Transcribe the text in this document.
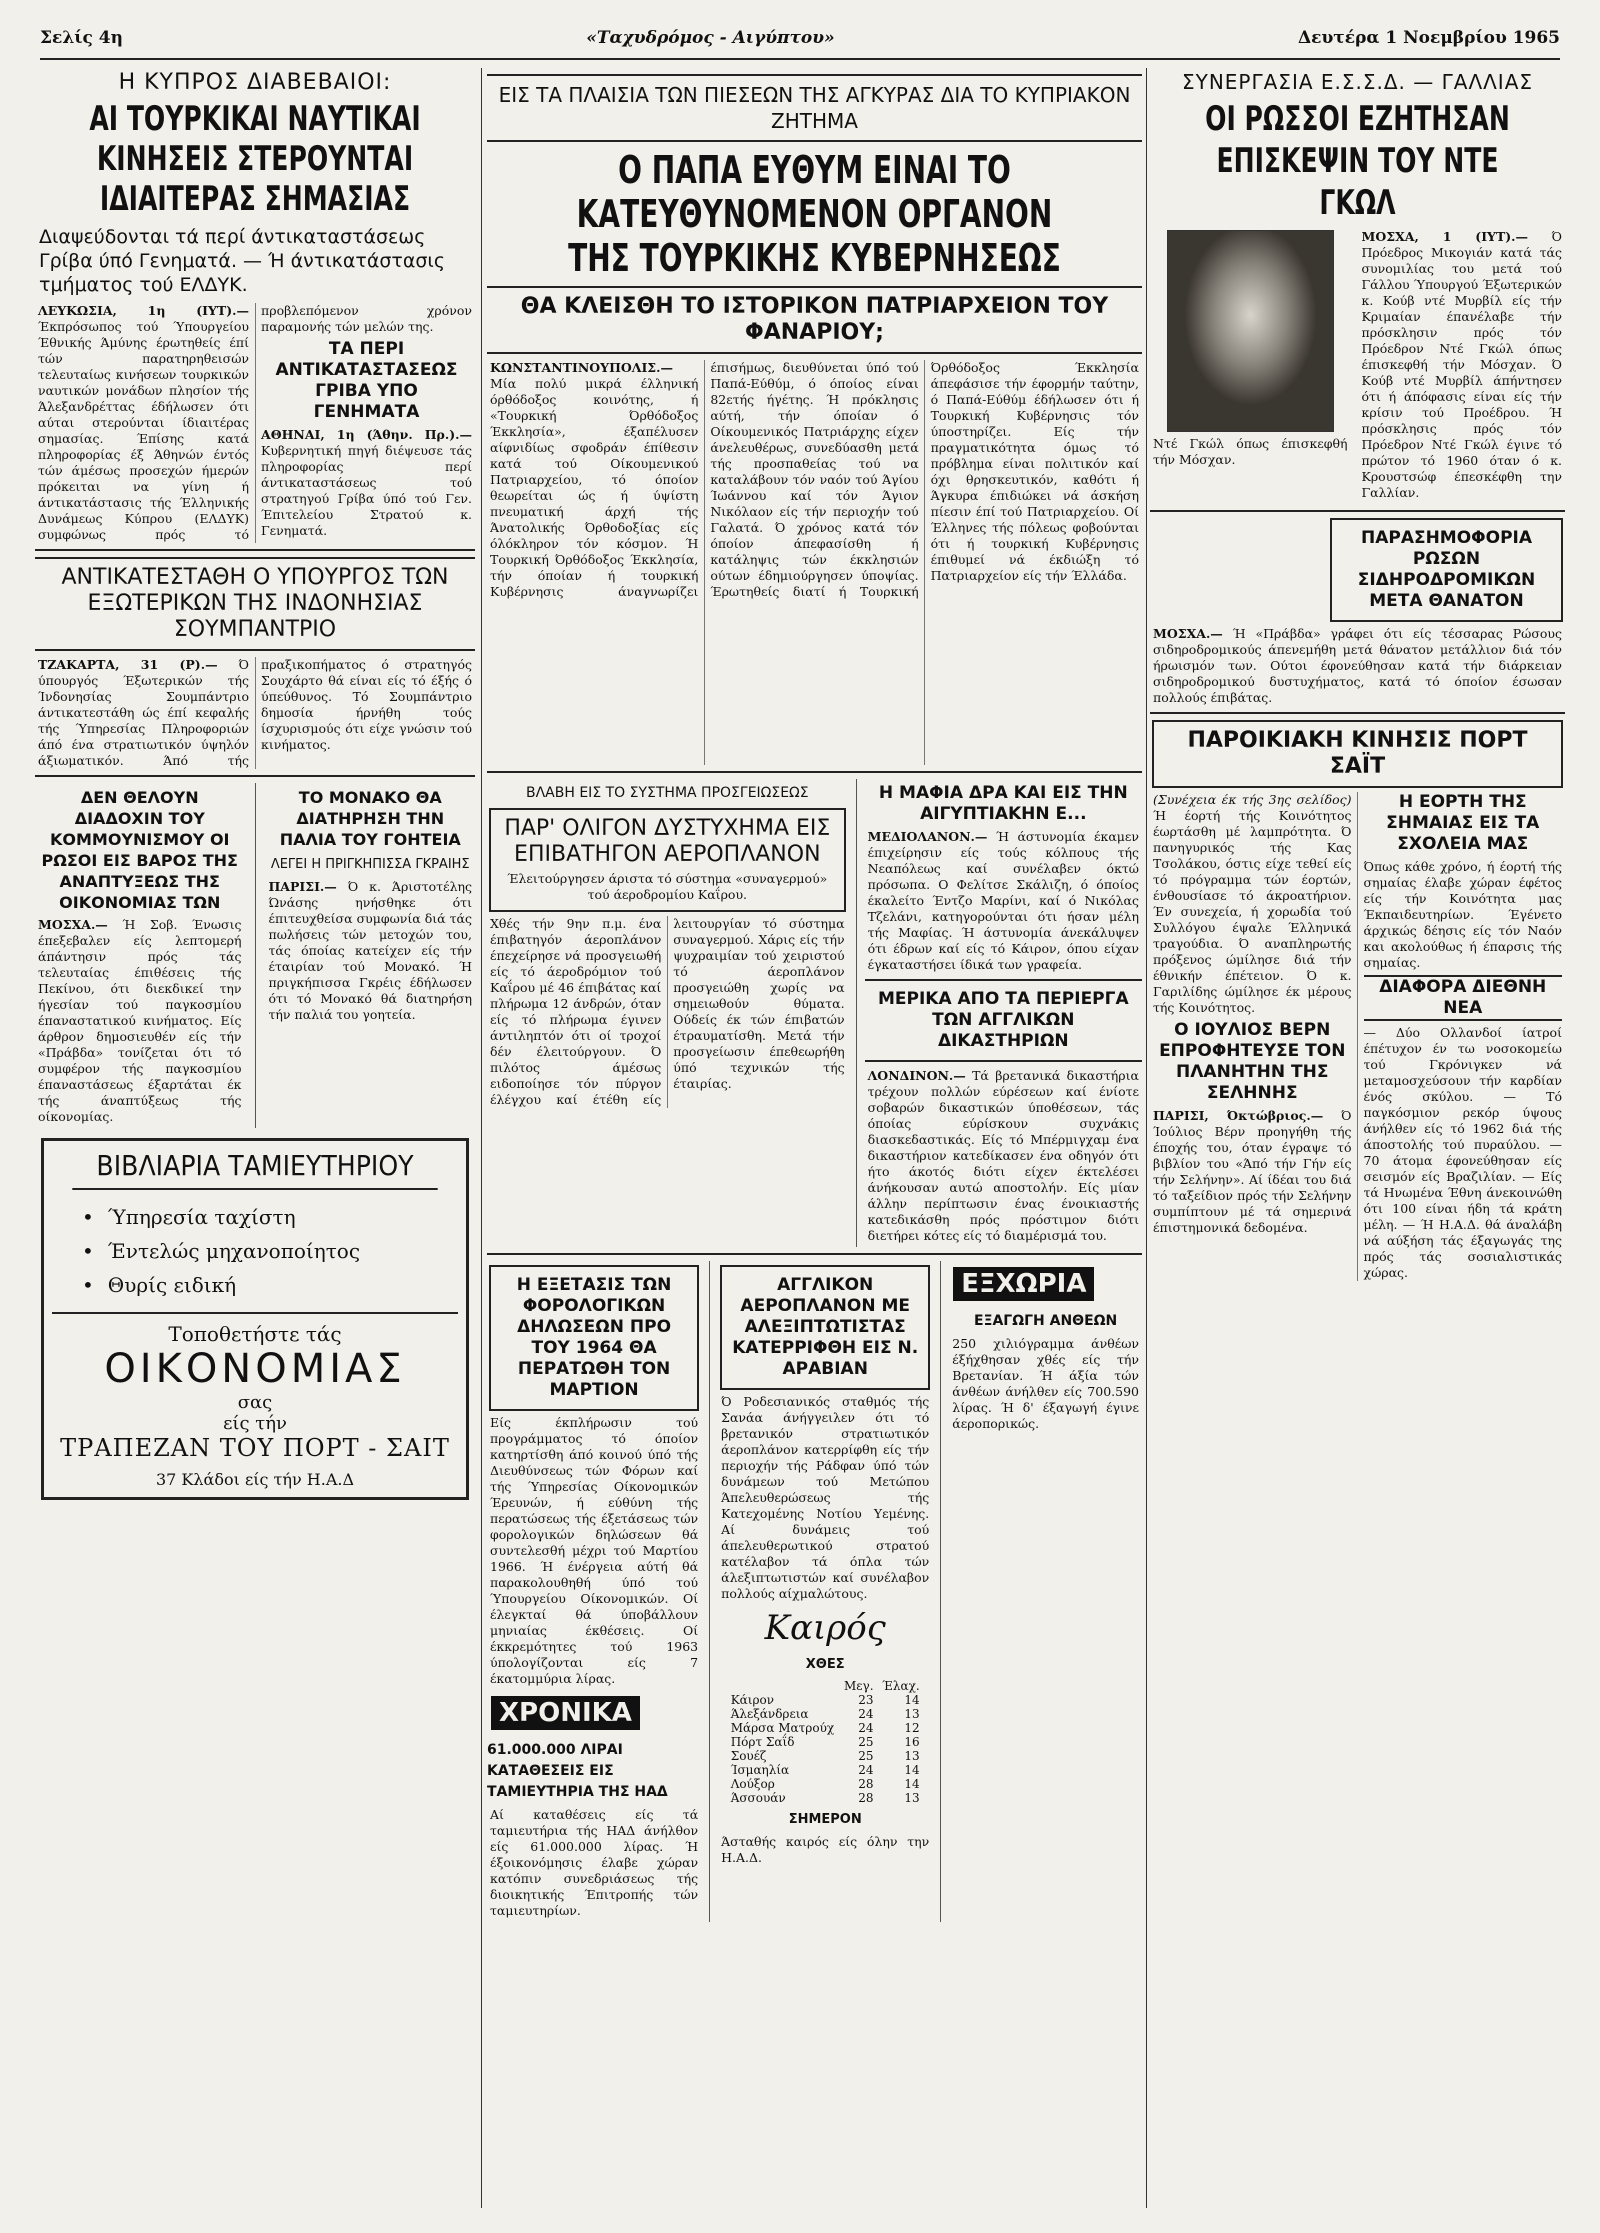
Σελίς 4η	«Ταχυδρόμος - Αιγύπτου»	Δευτέρα 1 Νοεμβρίου 1965
Η ΚΥΠΡΟΣ ΔΙΑΒΕΒΑΙΟΙ:
ΑΙ ΤΟΥΡΚΙΚΑΙ ΝΑΥΤΙΚΑΙ ΚΙΝΗΣΕΙΣ ΣΤΕΡΟΥΝΤΑΙ ΙΔΙΑΙΤΕΡΑΣ ΣΗΜΑΣΙΑΣ
Διαψεύδονται τά περί άντικαταστάσεως Γρίβα ύπό Γενηματά. — Ή άντικατάστασις τμήματος τού ΕΛΔΥΚ.
ΛΕΥΚΩΣΙΑ, 1η (ΙΥΤ).— Έκπρόσωπος τού Ύπουργείου Έθνικής Άμύνης έρωτηθείς έπί τών παρατηρηθεισών τελευταίως κινήσεων τουρκικών ναυτικών μονάδων πλησίον τής Άλεξανδρέττας έδήλωσεν ότι αύται στερούνται ίδιαιτέρας σημασίας. Έπίσης κατά πληροφορίας έξ Άθηνών έντός τών άμέσως προσεχών ήμερών πρόκειται να γίνη ή άντικατάστασις τής Έλληνικής Δυνάμεως Κύπρου (ΕΛΔΥΚ) συμφώνως πρός τό προβλεπόμενον χρόνον παραμονής τών μελών της.
ΤΑ ΠΕΡΙ ΑΝΤΙΚΑΤΑΣΤΑΣΕΩΣ ΓΡΙΒΑ ΥΠΟ ΓΕΝΗΜΑΤΑ
ΑΘΗΝΑΙ, 1η (Άθην. Πρ.).— Κυβερνητική πηγή διέψευσε τάς πληροφορίας περί άντικαταστάσεως τού στρατηγού Γρίβα ύπό τού Γεν. Έπιτελείου Στρατού κ. Γενηματά.
ΑΝΤΙΚΑΤΕΣΤΑΘΗ Ο ΥΠΟΥΡΓΟΣ ΤΩΝ ΕΞΩΤΕΡΙΚΩΝ ΤΗΣ ΙΝΔΟΝΗΣΙΑΣ ΣΟΥΜΠΑΝΤΡΙΟ
ΤΖΑΚΑΡΤΑ, 31 (Ρ).— Ό ύπουργός Έξωτερικών τής Ίνδονησίας Σουμπάντριο άντικατεστάθη ώς έπί κεφαλής τής Ύπηρεσίας Πληροφοριών άπό ένα στρατιωτικόν ύψηλόν άξιωματικόν. Άπό τής πραξικοπήματος ό στρατηγός Σουχάρτο θά είναι είς τό έξής ό ύπεύθυνος. Τό Σουμπάντριο δημοσία ήρνήθη τούς ίσχυρισμούς ότι είχε γνώσιν τού κινήματος.
ΔΕΝ ΘΕΛΟΥΝ ΔΙΑΔΟΧΙΝ ΤΟΥ ΚΟΜΜΟΥΝΙΣΜΟΥ ΟΙ ΡΩΣΟΙ ΕΙΣ ΒΑΡΟΣ ΤΗΣ ΑΝΑΠΤΥΞΕΩΣ ΤΗΣ ΟΙΚΟΝΟΜΙΑΣ ΤΩΝ
ΜΟΣΧΑ.— Ή Σοβ. Ένωσις έπεξεβαλεν είς λεπτομερή άπάντησιν πρός τάς τελευταίας έπιθέσεις τής Πεκίνου, ότι διεκδικεί την ήγεσίαν τού παγκοσμίου έπαναστατικού κινήματος. Είς άρθρον δημοσιευθέν είς τήν «Πράβδα» τονίζεται ότι τό συμφέρον τής παγκοσμίου έπαναστάσεως έξαρτάται έκ τής άναπτύξεως τής οίκονομίας.
ΤΟ ΜΟΝΑΚΟ ΘΑ ΔΙΑΤΗΡΗΣΗ ΤΗΝ ΠΑΛΙΑ ΤΟΥ ΓΟΗΤΕΙΑ
ΛΕΓΕΙ Η ΠΡΙΓΚΗΠΙΣΣΑ ΓΚΡΑΙΗΣ
ΠΑΡΙΣΙ.— Ό κ. Άριστοτέλης Ώνάσης ηνήσθηκε ότι έπιτευχθείσα συμφωνία διά τάς πωλήσεις τών μετοχών του, τάς όποίας κατείχεν είς τήν έταιρίαν τού Μονακό. Ή πριγκήπισσα Γκρέις έδήλωσεν ότι τό Μονακό θά διατηρήση τήν παλιά του γοητεία.
ΒΙΒΛΙΑΡΙΑ ΤΑΜΙΕΥΤΗΡΙΟΥ
• Ύπηρεσία ταχίστη
• Έντελώς μηχανοποίητος
• Θυρίς ειδική
Τοποθετήστε τάς
ΟΙΚΟΝΟΜΙΑΣ
σας
είς τήν
ΤΡΑΠΕΖΑΝ ΤΟΥ ΠΟΡΤ - ΣΑΙΤ
37 Κλάδοι είς τήν Η.Α.Δ
ΕΙΣ ΤΑ ΠΛΑΙΣΙΑ ΤΩΝ ΠΙΕΣΕΩΝ ΤΗΣ ΑΓΚΥΡΑΣ ΔΙΑ ΤΟ ΚΥΠΡΙΑΚΟΝ ΖΗΤΗΜΑ
Ο ΠΑΠΑ ΕΥΘΥΜ ΕΙΝΑΙ ΤΟ ΚΑΤΕΥΘΥΝΟΜΕΝΟΝ ΟΡΓΑΝΟΝ ΤΗΣ ΤΟΥΡΚΙΚΗΣ ΚΥΒΕΡΝΗΣΕΩΣ
ΘΑ ΚΛΕΙΣΘΗ ΤΟ ΙΣΤΟΡΙΚΟΝ ΠΑΤΡΙΑΡΧΕΙΟΝ ΤΟΥ ΦΑΝΑΡΙΟΥ;
ΚΩΝΣΤΑΝΤΙΝΟΥΠΟΛΙΣ.— Μία πολύ μικρά έλληνική όρθόδοξος κοινότης, ή «Τουρκική Όρθόδοξος Έκκλησία», έξαπέλυσεν αίφνιδίως σφοδράν έπίθεσιν κατά τού Οίκουμενικού Πατριαρχείου, τό όποίον θεωρείται ώς ή ύψίστη πνευματική άρχή τής Άνατολικής Όρθοδοξίας είς όλόκληρον τόν κόσμον. Ή Τουρκική Όρθόδοξος Έκκλησία, τήν όποίαν ή τουρκική Κυβέρνησις άναγνωρίζει έπισήμως, διευθύνεται ύπό τού Παπά-Εύθύμ, ό όποίος είναι 82ετής ήγέτης. Ή πρόκλησις αύτή, τήν όποίαν ό Οίκουμενικός Πατριάρχης είχεν άνελευθέρως, συνεδύασθη μετά τής προσπαθείας τού να καταλάβουν τόν ναόν τού Άγίου Ίωάννου καί τόν Άγιον Νικόλαον είς τήν περιοχήν τού Γαλατά. Ό χρόνος κατά τόν όποίον άπεφασίσθη ή κατάληψις τών έκκλησιών ούτων έδημιούργησεν ύποψίας. Έρωτηθείς διατί ή Τουρκική Όρθόδοξος Έκκλησία άπεφάσισε τήν έφορμήν ταύτην, ό Παπά-Εύθύμ έδήλωσεν ότι ή Τουρκική Κυβέρνησις τόν ύποστηρίζει. Είς τήν πραγματικότητα όμως τό πρόβλημα είναι πολιτικόν καί όχι θρησκευτικόν, καθότι ή Άγκυρα έπιδιώκει νά άσκήση πίεσιν έπί τού Πατριαρχείου. Οί Έλληνες τής πόλεως φοβούνται ότι ή τουρκική Κυβέρνησις έπιθυμεί νά έκδιώξη τό Πατριαρχείον είς τήν Έλλάδα.
ΒΛΑΒΗ ΕΙΣ ΤΟ ΣΥΣΤΗΜΑ ΠΡΟΣΓΕΙΩΣΕΩΣ
ΠΑΡ' ΟΛΙΓΟΝ ΔΥΣΤΥΧΗΜΑ ΕΙΣ ΕΠΙΒΑΤΗΓΟΝ ΑΕΡΟΠΛΑΝΟΝ
Έλειτούργησεν άριστα τό σύστημα «συναγερμού» τού άεροδρομίου Καΐρου.
Χθές τήν 9ην π.μ. ένα έπιβατηγόν άεροπλάνον έπεχείρησε νά προσγειωθή είς τό άεροδρόμιον τού Καΐρου μέ 46 έπιβάτας καί πλήρωμα 12 άνδρών, όταν είς τό πλήρωμα έγινεν άντιληπτόν ότι οί τροχοί δέν έλειτούργουν. Ό πιλότος άμέσως ειδοποίησε τόν πύργον έλέγχου καί έτέθη είς λειτουργίαν τό σύστημα συναγερμού. Χάρις είς τήν ψυχραιμίαν τού χειριστού τό άεροπλάνον προσγειώθη χωρίς να σημειωθούν θύματα. Ούδείς έκ τών έπιβατών έτραυματίσθη. Μετά τήν προσγείωσιν έπεθεωρήθη ύπό τεχνικών τής έταιρίας.
Η ΜΑΦΙΑ ΔΡΑ ΚΑΙ ΕΙΣ ΤΗΝ ΑΙΓΥΠΤΙΑΚΗΝ Ε...
ΜΕΔΙΟΛΑΝΟΝ.— Ή άστυνομία έκαμεν έπιχείρησιν είς τούς κόλπους τής Νεαπόλεως καί συνέλαβεν όκτώ πρόσωπα. Ο Φελίτσε Σκάλιζη, ό όποίος έκαλείτο Έντζο Μαρίνι, καί ό Νικόλας Τζελάνι, κατηγορούνται ότι ήσαν μέλη τής Μαφίας. Ή άστυνομία άνεκάλυψεν ότι έδρων καί είς τό Κάιρον, όπου είχαν έγκαταστήσει ίδικά των γραφεία.
ΜΕΡΙΚΑ ΑΠΟ ΤΑ ΠΕΡΙΕΡΓΑ ΤΩΝ ΑΓΓΛΙΚΩΝ ΔΙΚΑΣΤΗΡΙΩΝ
ΛΟΝΔΙΝΟΝ.— Τά βρετανικά δικαστήρια τρέχουν πολλών εύρέσεων καί ένίοτε σοβαρών δικαστικών ύποθέσεων, τάς όποίας εύρίσκουν συχνάκις διασκεδαστικάς. Είς τό Μπέρμιγχαμ ένα δικαστήριον κατεδίκασεν ένα οδηγόν ότι ήτο άκοτός διότι είχεν έκτελέσει άνήκουσαν αυτώ αποστολήν. Είς μίαν άλλην περίπτωσιν ένας ένοικιαστής κατεδικάσθη πρός πρόστιμον διότι διετήρει κότες είς τό διαμέρισμά του.
Η ΕΞΕΤΑΣΙΣ ΤΩΝ ΦΟΡΟΛΟΓΙΚΩΝ ΔΗΛΩΣΕΩΝ ΠΡΟ ΤΟΥ 1964 ΘΑ ΠΕΡΑΤΩΘΗ ΤΟΝ ΜΑΡΤΙΟΝ
Είς έκπλήρωσιν τού προγράμματος τό όποίον κατηρτίσθη άπό κοινού ύπό τής Διευθύνσεως τών Φόρων καί τής Ύπηρεσίας Οίκονομικών Έρευνών, ή εύθύνη τής περατώσεως τής έξετάσεως τών φορολογικών δηλώσεων θά συντελεσθή μέχρι τού Μαρτίου 1966. Ή ένέργεια αύτή θά παρακολουθηθή ύπό τού Ύπουργείου Οίκονομικών. Οί έλεγκταί θά ύποβάλλουν μηνιαίας έκθέσεις. Οί έκκρεμότητες τού 1963 ύπολογίζονται είς 7 έκατομμύρια λίρας.
ΧΡΟΝΙΚΑ
61.000.000 ΛΙΡΑΙ ΚΑΤΑΘΕΣΕΙΣ ΕΙΣ ΤΑΜΙΕΥΤΗΡΙΑ ΤΗΣ ΗΑΔ
Αί καταθέσεις είς τά ταμιευτήρια τής ΗΑΔ άνήλθον είς 61.000.000 λίρας. Ή έξοικονόμησις έλαβε χώραν κατόπιν συνεδριάσεως τής διοικητικής Έπιτροπής τών ταμιευτηρίων.
ΑΓΓΛΙΚΟΝ ΑΕΡΟΠΛΑΝΟΝ ΜΕ ΑΛΕΞΙΠΤΩΤΙΣΤΑΣ ΚΑΤΕΡΡΙΦΘΗ ΕΙΣ Ν. ΑΡΑΒΙΑΝ
Ό Ροδεσιανικός σταθμός τής Σανάα άνήγγειλεν ότι τό βρετανικόν στρατιωτικόν άεροπλάνον κατερρίφθη είς τήν περιοχήν τής Ράδφαν ύπό τών δυνάμεων τού Μετώπου Άπελευθερώσεως τής Κατεχομένης Νοτίου Υεμένης. Αί δυνάμεις τού άπελευθερωτικού στρατού κατέλαβον τά όπλα τών άλεξιπτωτιστών καί συνέλαβον πολλούς αίχμαλώτους.
Καιρός
ΧΘΕΣ
	Μεγ.	Έλαχ.
Κάιρον	23	14
Άλεξάνδρεια	24	13
Μάρσα Ματρούχ	24	12
Πόρτ Σαΐδ	25	16
Σουέζ	25	13
Ίσμαηλία	24	14
Λούξορ	28	14
Άσσουάν	28	13
ΣΗΜΕΡΟΝ
Άσταθής καιρός είς όλην την Η.Α.Δ.
ΕΞΧΩΡΙΑ
ΕΞΑΓΩΓΗ ΑΝΘΕΩΝ
250 χιλιόγραμμα άνθέων έξήχθησαν χθές είς τήν Βρετανίαν. Ή άξία τών άνθέων άνήλθεν είς 700.590 λίρας. Ή δ' έξαγωγή έγινε άεροπορικώς.
ΣΥΝΕΡΓΑΣΙΑ Ε.Σ.Σ.Δ. — ΓΑΛΛΙΑΣ
ΟΙ ΡΩΣΣΟΙ ΕΖΗΤΗΣΑΝ ΕΠΙΣΚΕΨΙΝ ΤΟΥ ΝΤΕ ΓΚΩΛ
Ντέ Γκώλ όπως έπισκεφθή τήν Μόσχαν.
ΜΟΣΧΑ, 1 (ΙΥΤ).— Ό Πρόεδρος Μικογιάν κατά τάς συνομιλίας του μετά τού Γάλλου Ύπουργού Έξωτερικών κ. Κούβ ντέ Μυρβίλ είς τήν Κριμαίαν έπανέλαβε τήν πρόσκλησιν πρός τόν Πρόεδρον Ντέ Γκώλ όπως έπισκεφθή τήν Μόσχαν. Ό Κούβ ντέ Μυρβίλ άπήντησεν ότι ή άπόφασις είναι είς τήν κρίσιν τού Προέδρου. Ή πρόσκλησις πρός τόν Πρόεδρον Ντέ Γκώλ έγινε τό πρώτον τό 1960 όταν ό κ. Κρουστσώφ έπεσκέφθη την Γαλλίαν.
ΠΑΡΑΣΗΜΟΦΟΡΙΑ ΡΩΣΩΝ ΣΙΔΗΡΟΔΡΟΜΙΚΩΝ ΜΕΤΑ ΘΑΝΑΤΟΝ
ΜΟΣΧΑ.— Ή «Πράβδα» γράφει ότι είς τέσσαρας Ρώσους σιδηροδρομικούς άπενεμήθη μετά θάνατον μετάλλιον διά τόν ήρωισμόν των. Ούτοι έφονεύθησαν κατά τήν διάρκειαν σιδηροδρομικού δυστυχήματος, κατά τό όποίον έσωσαν πολλούς έπιβάτας.
ΠΑΡΟΙΚΙΑΚΗ ΚΙΝΗΣΙΣ ΠΟΡΤ ΣΑΪΤ
(Συνέχεια έκ τής 3ης σελίδος) Ή έορτή τής Κοινότητος έωρτάσθη μέ λαμπρότητα. Ό πανηγυρικός τής Κας Τσολάκου, όστις είχε τεθεί είς τό πρόγραμμα τών έορτών, ένθουσίασε τό άκροατήριον. Έν συνεχεία, ή χορωδία τού Συλλόγου έψαλε Έλληνικά τραγούδια. Ό αναπληρωτής πρόξενος ώμίλησε διά τήν έθνικήν έπέτειον. Ό κ. Γαριλίδης ώμίλησε έκ μέρους τής Κοινότητος.
Ο ΙΟΥΛΙΟΣ ΒΕΡΝ ΕΠΡΟΦΗΤΕΥΣΕ ΤΟΝ ΠΛΑΝΗΤΗΝ ΤΗΣ ΣΕΛΗΝΗΣ
ΠΑΡΙΣΙ, Όκτώβριος.— Ό Ίούλιος Βέρν προηγήθη τής έποχής του, όταν έγραψε τό βιβλίον του «Άπό τήν Γήν είς τήν Σελήνην». Αί ίδέαι του διά τό ταξείδιον πρός τήν Σελήνην συμπίπτουν μέ τά σημερινά έπιστημονικά δεδομένα.
Η ΕΟΡΤΗ ΤΗΣ ΣΗΜΑΙΑΣ ΕΙΣ ΤΑ ΣΧΟΛΕΙΑ ΜΑΣ
Όπως κάθε χρόνο, ή έορτή τής σημαίας έλαβε χώραν έφέτος είς τήν Κοινότητα μας Έκπαιδευτηρίων. Έγένετο άρχικώς δέησις είς τόν Ναόν και ακολούθως ή έπαρσις τής σημαίας.
ΔΙΑΦΟΡΑ ΔΙΕΘΝΗ ΝΕΑ
— Δύο Ολλανδοί ίατροί έπέτυχον έν τω νοσοκομείω τού Γκρόνιγκεν νά μεταμοσχεύσουν τήν καρδίαν ένός σκύλου. — Τό παγκόσμιον ρεκόρ ύψους άνήλθεν είς τό 1962 διά τής άποστολής τού πυραύλου. — 70 άτομα έφονεύθησαν είς σεισμόν είς Βραζιλίαν. — Είς τά Ηνωμένα Έθνη άνεκοινώθη ότι 100 είναι ήδη τά κράτη μέλη. — Ή Η.Α.Δ. θά άναλάβη νά αύξήση τάς έξαγωγάς της πρός τάς σοσιαλιστικάς χώρας.
